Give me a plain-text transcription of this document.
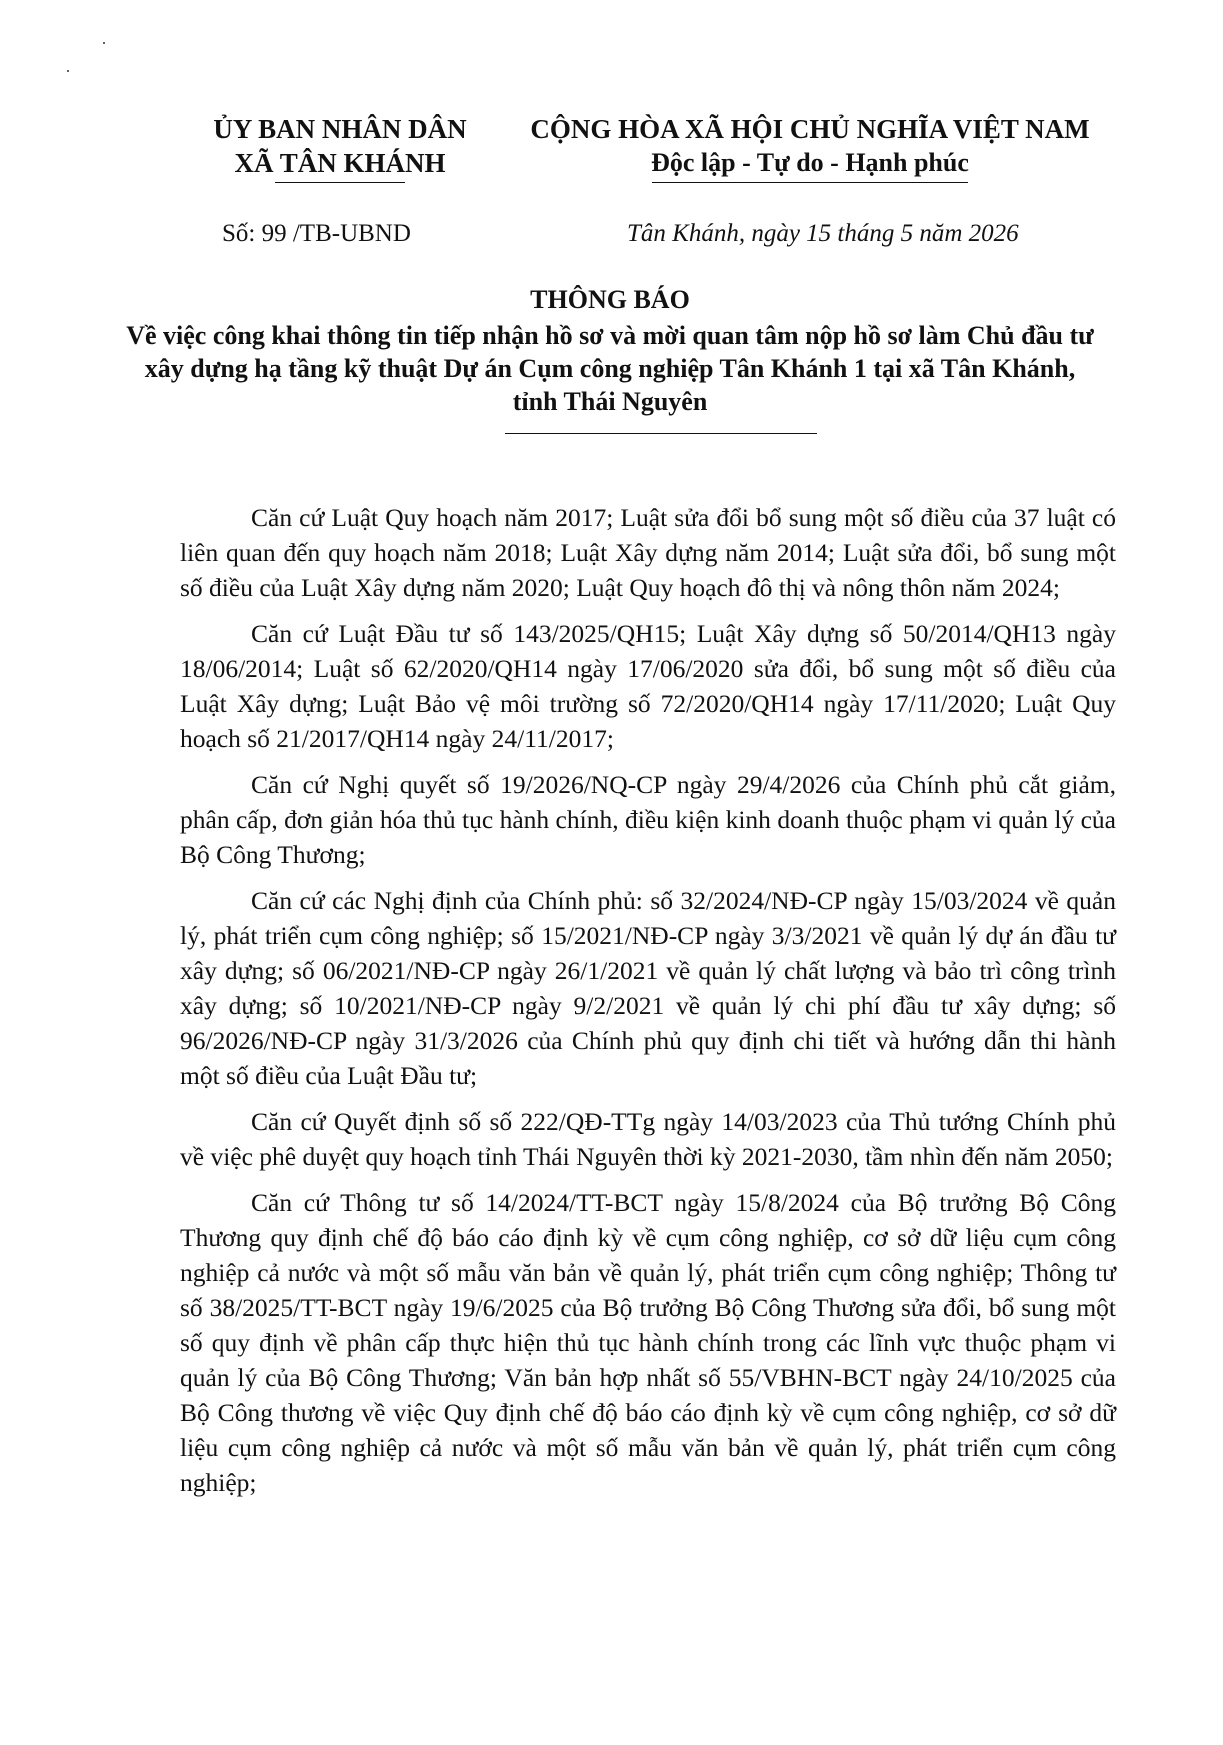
ỦY BAN NHÂN DÂN
XÃ TÂN KHÁNH
CỘNG HÒA XÃ HỘI CHỦ NGHĨA VIỆT NAM
Độc lập - Tự do - Hạnh phúc
Số: 99 /TB-UBND	Tân Khánh, ngày 15 tháng 5 năm 2026
THÔNG BÁO
Về việc công khai thông tin tiếp nhận hồ sơ và mời quan tâm nộp hồ sơ làm Chủ đầu tư xây dựng hạ tầng kỹ thuật Dự án Cụm công nghiệp Tân Khánh 1 tại xã Tân Khánh, tỉnh Thái Nguyên

Căn cứ Luật Quy hoạch năm 2017; Luật sửa đổi bổ sung một số điều của 37 luật có liên quan đến quy hoạch năm 2018; Luật Xây dựng năm 2014; Luật sửa đổi, bổ sung một số điều của Luật Xây dựng năm 2020; Luật Quy hoạch đô thị và nông thôn năm 2024;

Căn cứ Luật Đầu tư số 143/2025/QH15; Luật Xây dựng số 50/2014/QH13 ngày 18/06/2014; Luật số 62/2020/QH14 ngày 17/06/2020 sửa đổi, bổ sung một số điều của Luật Xây dựng; Luật Bảo vệ môi trường số 72/2020/QH14 ngày 17/11/2020; Luật Quy hoạch số 21/2017/QH14 ngày 24/11/2017;

Căn cứ Nghị quyết số 19/2026/NQ-CP ngày 29/4/2026 của Chính phủ cắt giảm, phân cấp, đơn giản hóa thủ tục hành chính, điều kiện kinh doanh thuộc phạm vi quản lý của Bộ Công Thương;

Căn cứ các Nghị định của Chính phủ: số 32/2024/NĐ-CP ngày 15/03/2024 về quản lý, phát triển cụm công nghiệp; số 15/2021/NĐ-CP ngày 3/3/2021 về quản lý dự án đầu tư xây dựng; số 06/2021/NĐ-CP ngày 26/1/2021 về quản lý chất lượng và bảo trì công trình xây dựng; số 10/2021/NĐ-CP ngày 9/2/2021 về quản lý chi phí đầu tư xây dựng; số 96/2026/NĐ-CP ngày 31/3/2026 của Chính phủ quy định chi tiết và hướng dẫn thi hành một số điều của Luật Đầu tư;

Căn cứ Quyết định số số 222/QĐ-TTg ngày 14/03/2023 của Thủ tướng Chính phủ về việc phê duyệt quy hoạch tỉnh Thái Nguyên thời kỳ 2021-2030, tầm nhìn đến năm 2050;

Căn cứ Thông tư số 14/2024/TT-BCT ngày 15/8/2024 của Bộ trưởng Bộ Công Thương quy định chế độ báo cáo định kỳ về cụm công nghiệp, cơ sở dữ liệu cụm công nghiệp cả nước và một số mẫu văn bản về quản lý, phát triển cụm công nghiệp; Thông tư số 38/2025/TT-BCT ngày 19/6/2025 của Bộ trưởng Bộ Công Thương sửa đổi, bổ sung một số quy định về phân cấp thực hiện thủ tục hành chính trong các lĩnh vực thuộc phạm vi quản lý của Bộ Công Thương; Văn bản hợp nhất số 55/VBHN-BCT ngày 24/10/2025 của Bộ Công thương về việc Quy định chế độ báo cáo định kỳ về cụm công nghiệp, cơ sở dữ liệu cụm công nghiệp cả nước và một số mẫu văn bản về quản lý, phát triển cụm công nghiệp;
